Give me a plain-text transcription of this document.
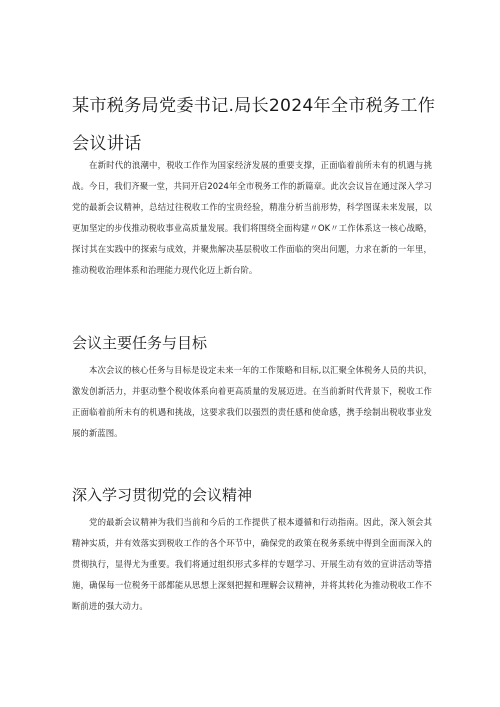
某市税务局党委书记.局长2024年全市税务工作会议讲话

在新时代的浪潮中，税收工作作为国家经济发展的重要支撑，正面临着前所未有的机遇与挑战。今日，我们齐聚一堂，共同开启2024年全市税务工作的新篇章。此次会议旨在通过深入学习党的最新会议精神，总结过往税收工作的宝贵经验，精准分析当前形势，科学图谋未来发展，以更加坚定的步伐推动税收事业高质量发展。我们将围绕全面构建〃OK〃工作体系这一核心战略，探讨其在实践中的探索与成效，并聚焦解决基层税收工作面临的突出问题，力求在新的一年里，推动税收治理体系和治理能力现代化迈上新台阶。

会议主要任务与目标

本次会议的核心任务与目标是设定未来一年的工作策略和目标,以汇聚全体税务人员的共识，激发创新活力，并驱动整个税收体系向着更高质量的发展迈进。在当前新时代背景下，税收工作正面临着前所未有的机遇和挑战，这要求我们以强烈的责任感和使命感，携手绘制出税收事业发展的新蓝图。

深入学习贯彻党的会议精神

党的最新会议精神为我们当前和今后的工作提供了根本遵循和行动指南。因此，深入领会其精神实质，并有效落实到税收工作的各个环节中，确保党的政策在税务系统中得到全面而深入的贯彻执行，显得尤为重要。我们将通过组织形式多样的专题学习、开展生动有效的宣讲活动等措施，确保每一位税务干部都能从思想上深刻把握和理解会议精神，并将其转化为推动税收工作不断前进的强大动力。
